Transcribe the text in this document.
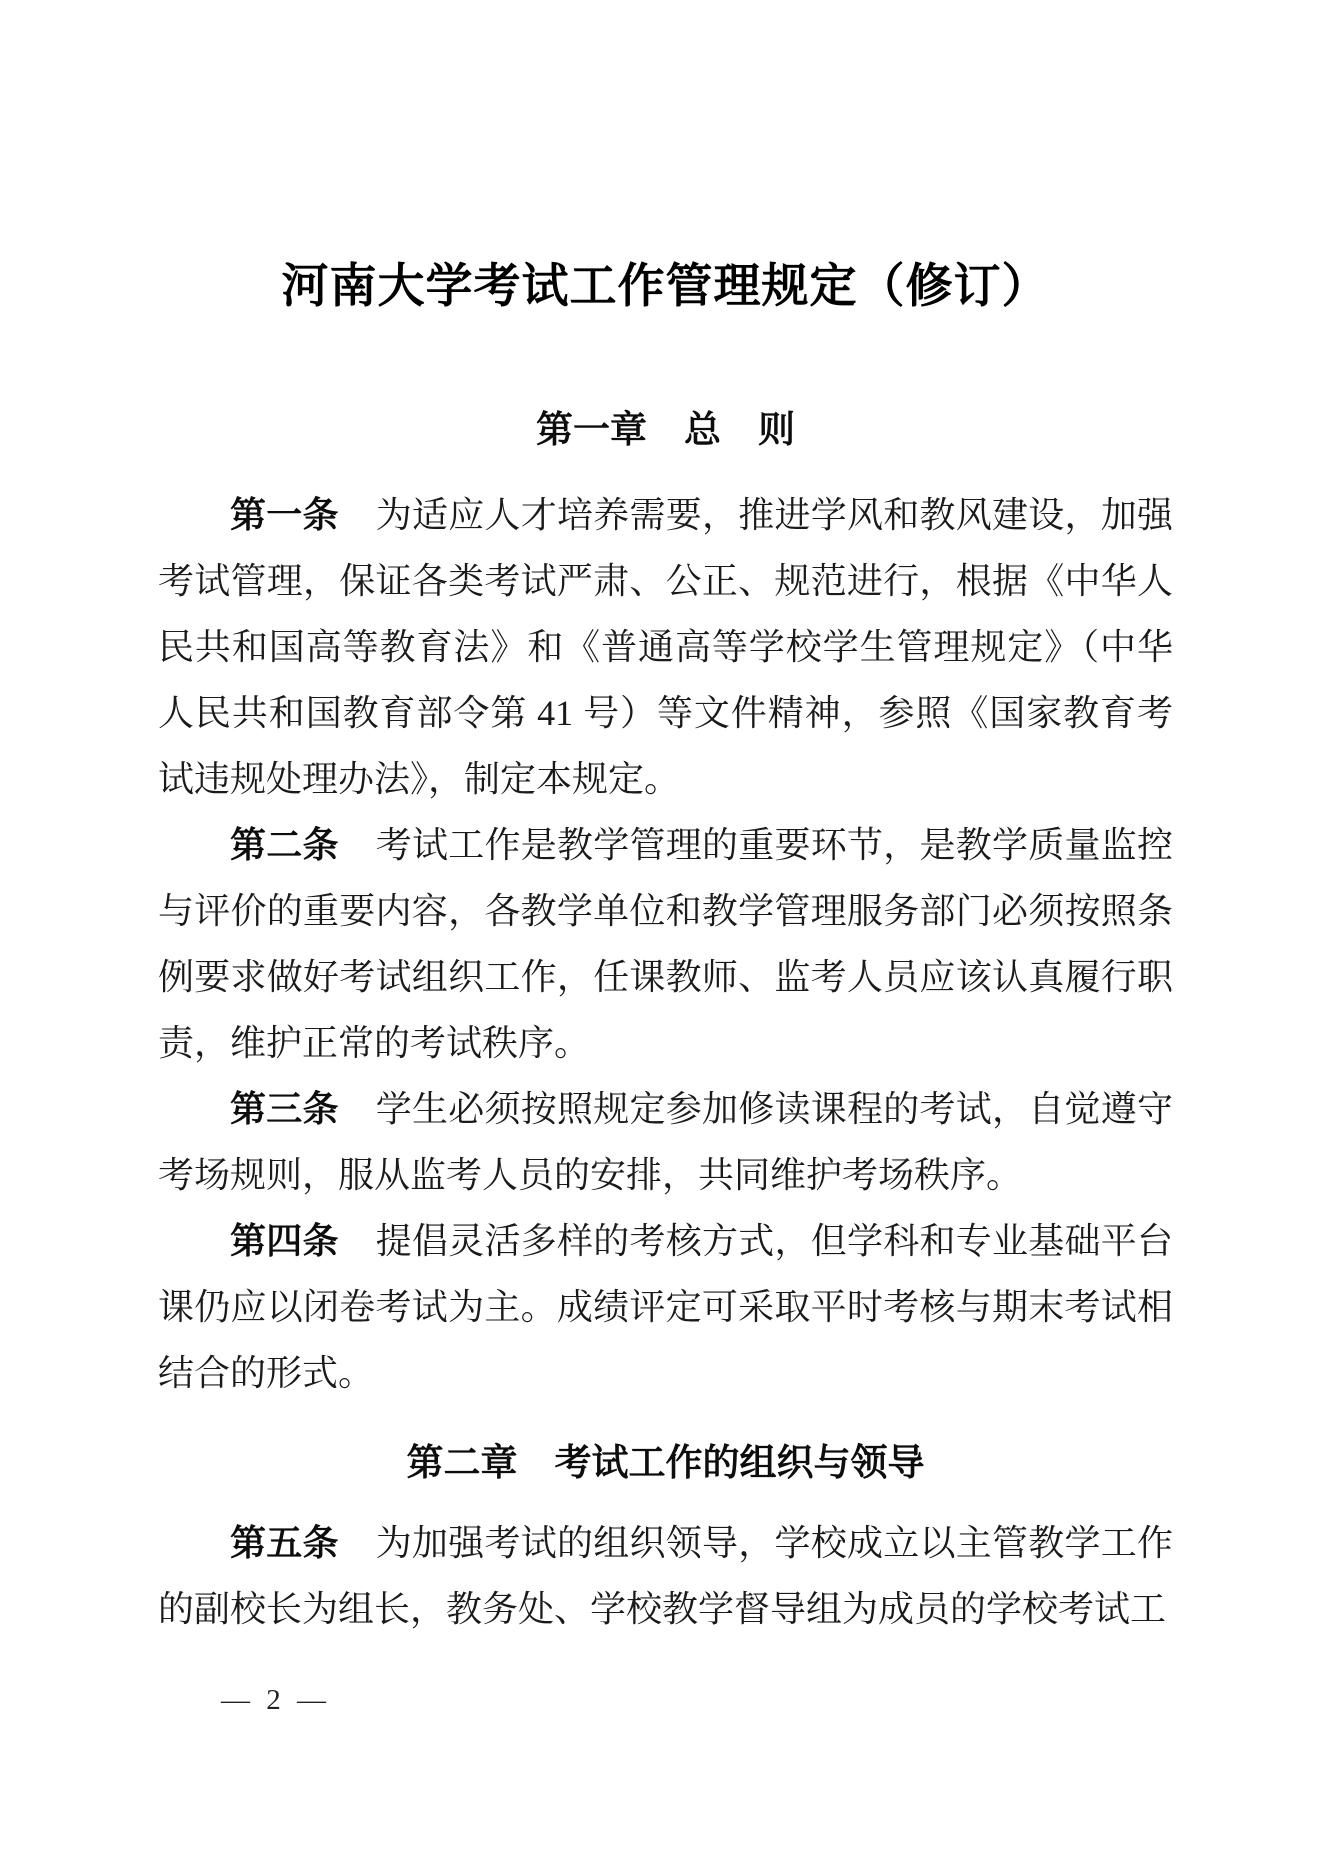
河南大学考试工作管理规定（修订）
第一章　总　则

第一条 为适应人才培养需要，推进学风和教风建设，加强考试管理，保证各类考试严肃、公正、规范进行，根据《中华人民共和国高等教育法》和《普通高等学校学生管理规定》（中华人民共和国教育部令第 41 号）等文件精神，参照《国家教育考试违规处理办法》，制定本规定。

第二条 考试工作是教学管理的重要环节，是教学质量监控与评价的重要内容，各教学单位和教学管理服务部门必须按照条例要求做好考试组织工作，任课教师、监考人员应该认真履行职责，维护正常的考试秩序。

第三条 学生必须按照规定参加修读课程的考试，自觉遵守考场规则，服从监考人员的安排，共同维护考场秩序。

第四条 提倡灵活多样的考核方式，但学科和专业基础平台课仍应以闭卷考试为主。成绩评定可采取平时考核与期末考试相结合的形式。

第二章　考试工作的组织与领导

第五条 为加强考试的组织领导，学校成立以主管教学工作的副校长为组长，教务处、学校教学督导组为成员的学校考试工

— 2 —
